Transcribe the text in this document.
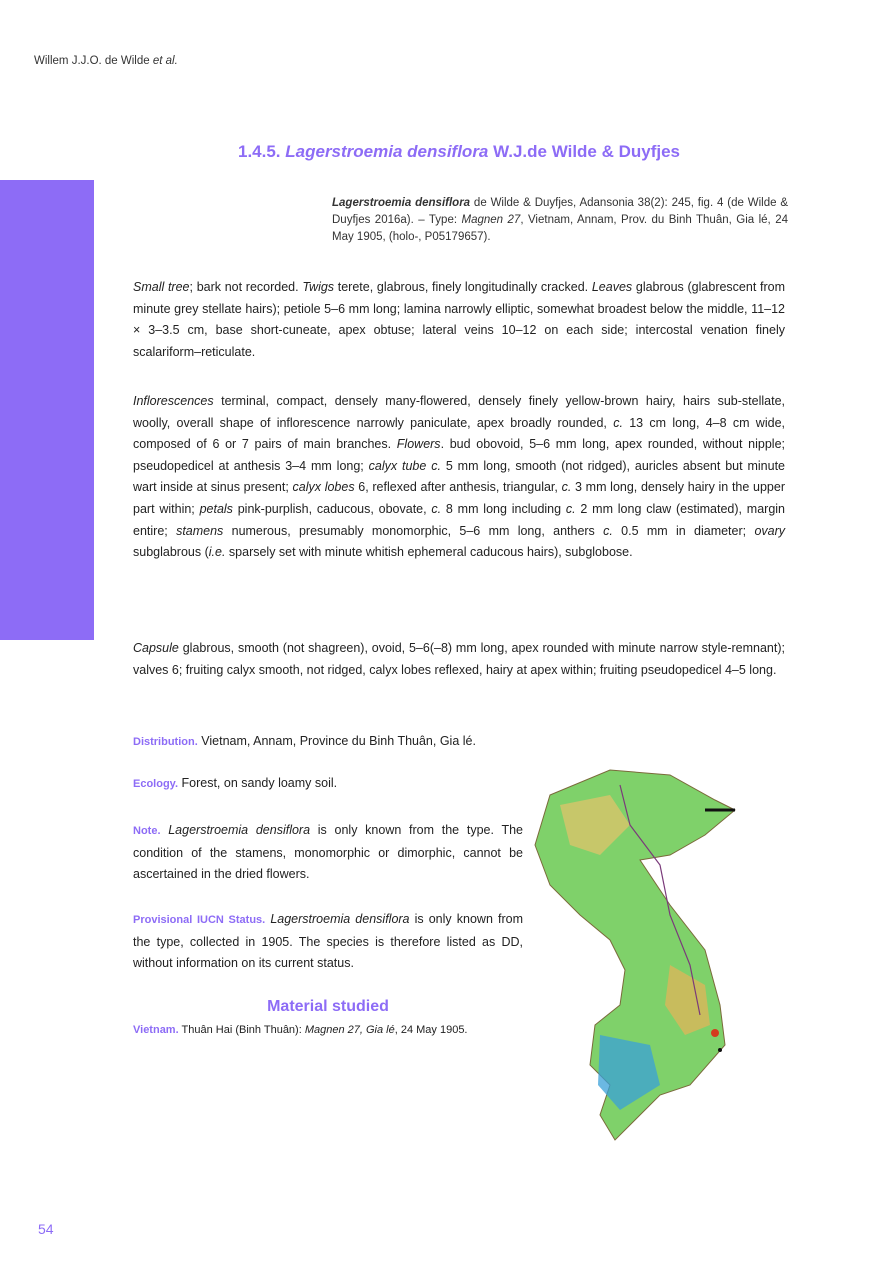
Willem J.J.O. de Wilde et al.
1.4.5. Lagerstroemia densiflora W.J.de Wilde & Duyfjes
Lagerstroemia densiflora de Wilde & Duyfjes, Adansonia 38(2): 245, fig. 4 (de Wilde & Duyfjes 2016a). – Type: Magnen 27, Vietnam, Annam, Prov. du Binh Thuân, Gia lé, 24 May 1905, (holo-, P05179657).

Small tree; bark not recorded. Twigs terete, glabrous, finely longitudinally cracked. Leaves glabrous (glabrescent from minute grey stellate hairs); petiole 5–6 mm long; lamina narrowly elliptic, somewhat broadest below the middle, 11–12 × 3–3.5 cm, base short-cuneate, apex obtuse; lateral veins 10–12 on each side; intercostal venation finely scalariform–reticulate.

Inflorescences terminal, compact, densely many-flowered, densely finely yellow-brown hairy, hairs sub-stellate, woolly, overall shape of inflorescence narrowly paniculate, apex broadly rounded, c. 13 cm long, 4–8 cm wide, composed of 6 or 7 pairs of main branches. Flowers. bud obovoid, 5–6 mm long, apex rounded, without nipple; pseudopedicel at anthesis 3–4 mm long; calyx tube c. 5 mm long, smooth (not ridged), auricles absent but minute wart inside at sinus present; calyx lobes 6, reflexed after anthesis, triangular, c. 3 mm long, densely hairy in the upper part within; petals pink-purplish, caducous, obovate, c. 8 mm long including c. 2 mm long claw (estimated), margin entire; stamens numerous, presumably monomorphic, 5–6 mm long, anthers c. 0.5 mm in diameter; ovary subglabrous (i.e. sparsely set with minute whitish ephemeral caducous hairs), subglobose.

Capsule glabrous, smooth (not shagreen), ovoid, 5–6(–8) mm long, apex rounded with minute narrow style-remnant); valves 6; fruiting calyx smooth, not ridged, calyx lobes reflexed, hairy at apex within; fruiting pseudopedicel 4–5 long.

Distribution. Vietnam, Annam, Province du Binh Thuân, Gia lé.

Ecology. Forest, on sandy loamy soil.

Note. Lagerstroemia densiflora is only known from the type. The condition of the stamens, monomorphic or dimorphic, cannot be ascertained in the dried flowers.

Provisional IUCN Status. Lagerstroemia densiflora is only known from the type, collected in 1905. The species is therefore listed as DD, without information on its current status.

Material studied
Vietnam. Thuân Hai (Binh Thuân): Magnen 27, Gia lé, 24 May 1905.
54
